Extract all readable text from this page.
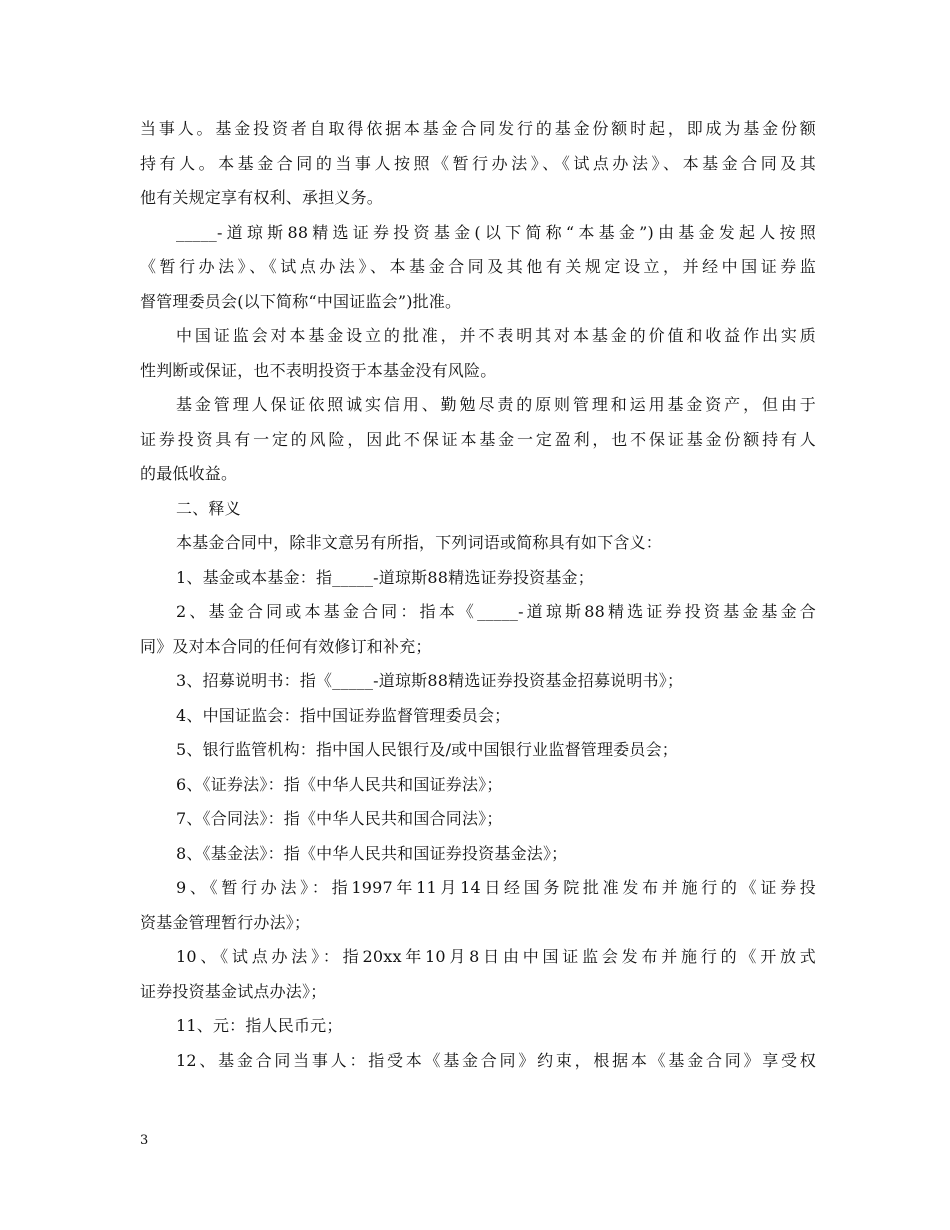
当事人。基金投资者自取得依据本基金合同发行的基金份额时起，即成为基金份额
持有人。本基金合同的当事人按照《暂行办法》、《试点办法》、本基金合同及其
他有关规定享有权利、承担义务。
_____-道琼斯88精选证券投资基金(以下简称“本基金”)由基金发起人按照
《暂行办法》、《试点办法》、本基金合同及其他有关规定设立，并经中国证券监
督管理委员会(以下简称“中国证监会”)批准。
中国证监会对本基金设立的批准，并不表明其对本基金的价值和收益作出实质
性判断或保证，也不表明投资于本基金没有风险。
基金管理人保证依照诚实信用、勤勉尽责的原则管理和运用基金资产，但由于
证券投资具有一定的风险，因此不保证本基金一定盈利，也不保证基金份额持有人
的最低收益。
二、释义
本基金合同中，除非文意另有所指，下列词语或简称具有如下含义：
1、基金或本基金：指_____-道琼斯88精选证券投资基金；
2、基金合同或本基金合同：指本《_____-道琼斯88精选证券投资基金基金合
同》及对本合同的任何有效修订和补充；
3、招募说明书：指《_____-道琼斯88精选证券投资基金招募说明书》；
4、中国证监会：指中国证券监督管理委员会；
5、银行监管机构：指中国人民银行及/或中国银行业监督管理委员会；
6、《证券法》：指《中华人民共和国证券法》；
7、《合同法》：指《中华人民共和国合同法》；
8、《基金法》：指《中华人民共和国证券投资基金法》；
9、《暂行办法》：指1997年11月14日经国务院批准发布并施行的《证券投
资基金管理暂行办法》；
10、《试点办法》：指20xx年10月8日由中国证监会发布并施行的《开放式
证券投资基金试点办法》；
11、元：指人民币元；
12、基金合同当事人：指受本《基金合同》约束，根据本《基金合同》享受权
3
